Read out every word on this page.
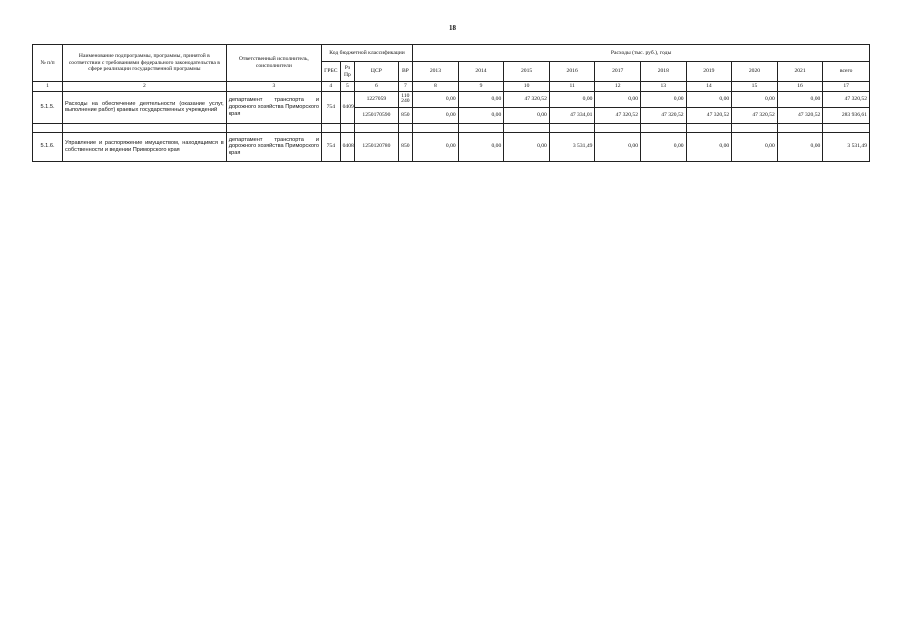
18
№ п/п	Наименование подпрограммы, программы, принятой в соответствии с требованиями федерального законодательства в сфере реализации государственной программы	Ответственный исполнитель, соисполнители	Код бюджетной классификации				Расходы (тыс. руб.), годы									
			ГРБС	Рз Пр	ЦСР	ВР	2013	2014	2015	2016	2017	2018	2019	2020	2021	всего
1	2	3	4	5	6	7	8	9	10	11	12	13	14	15	16	17
5.1.5.	Расходы на обеспечение деятельности (оказание услуг, выполнение работ) краевых государственных учреждений	департамент транспорта и дорожного хозяйства Приморского края	754	0409	1227059	110 240	0,00	0,00	47 320,52	0,00	0,00	0,00	0,00	0,00	0,00	47 320,52
					1250170590	850	0,00	0,00	0,00	47 334,01	47 320,52	47 320,52	47 320,52	47 320,52	47 320,52	283 936,61

5.1.6.	Управление и распоряжение имуществом, находящимся в собственности и ведении Приморского края	департамент транспорта и дорожного хозяйства Приморского края	754	0408	1250120780	850	0,00	0,00	0,00	3 531,49	0,00	0,00	0,00	0,00	0,00	3 531,49
